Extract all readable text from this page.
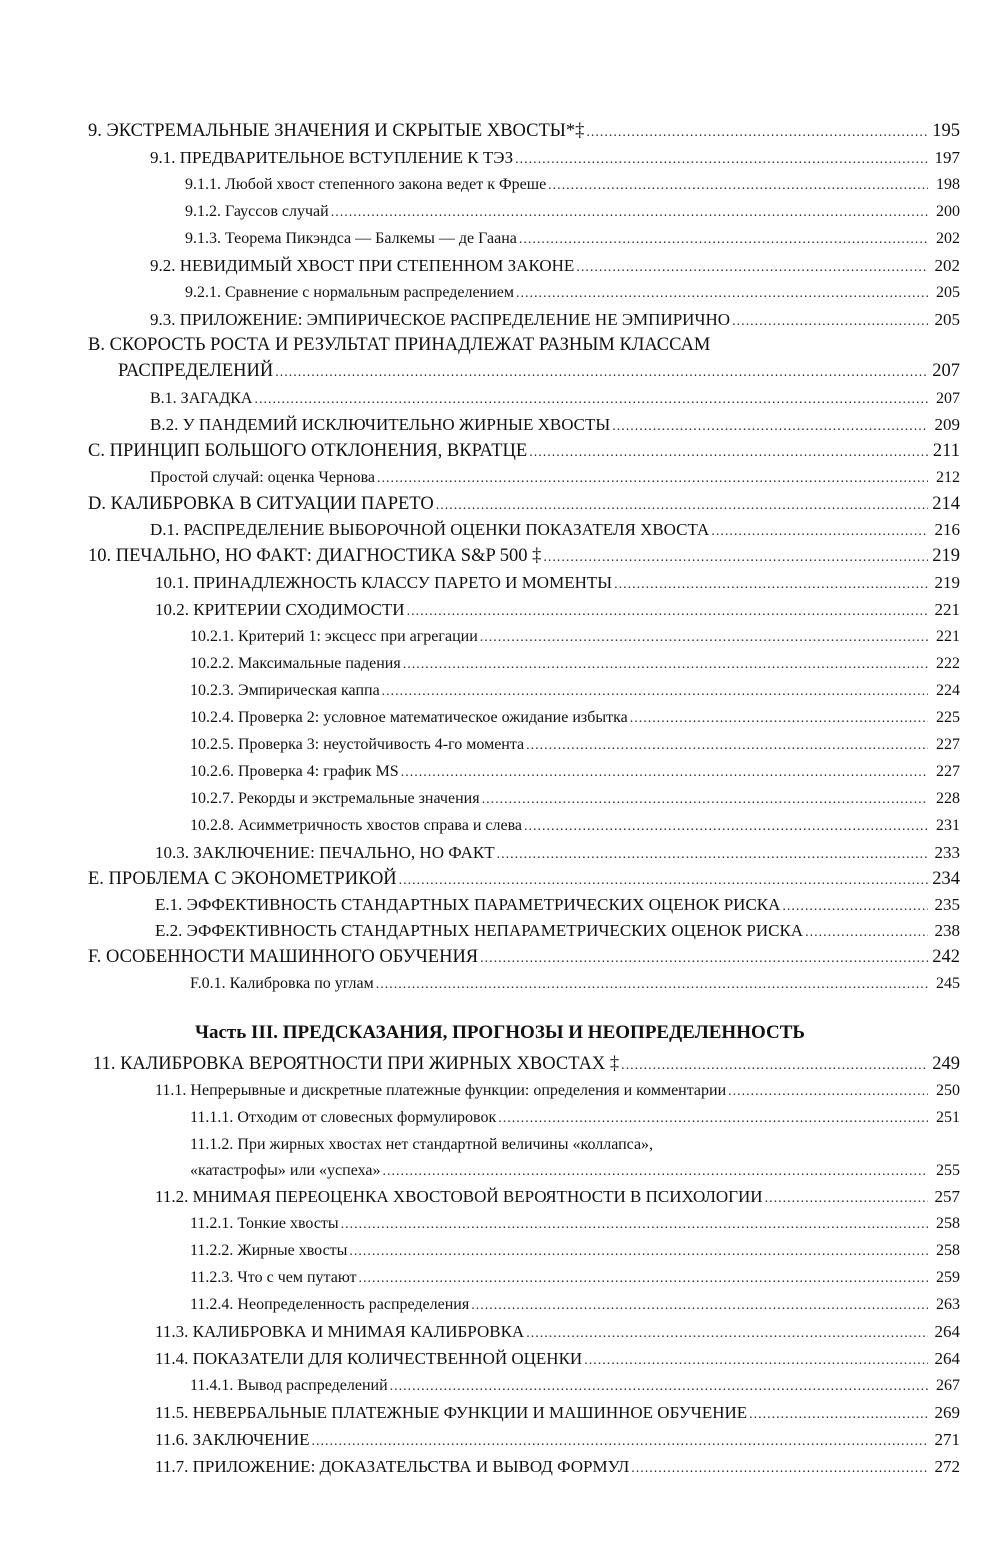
Часть III. ПРЕДСКАЗАНИЯ, ПРОГНОЗЫ И НЕОПРЕДЕЛЕННОСТЬ
9. ЭКСТРЕМАЛЬНЫЕ ЗНАЧЕНИЯ И СКРЫТЫЕ ХВОСТЫ*‡ .....	195
9.1. ПРЕДВАРИТЕЛЬНОЕ ВСТУПЛЕНИЕ К ТЭЗ .....	197
9.1.1. Любой хвост степенного закона ведет к Фреше .....	198
9.1.2. Гауссов случай .....	200
9.1.3. Теорема Пикэндса — Балкемы — де Гаана .....	202
9.2. НЕВИДИМЫЙ ХВОСТ ПРИ СТЕПЕННОМ ЗАКОНЕ .....	202
9.2.1. Сравнение с нормальным распределением .....	205
9.3. ПРИЛОЖЕНИЕ: ЭМПИРИЧЕСКОЕ РАСПРЕДЕЛЕНИЕ НЕ ЭМПИРИЧНО .....	205
B. СКОРОСТЬ РОСТА И РЕЗУЛЬТАТ ПРИНАДЛЕЖАТ РАЗНЫМ КЛАССАМ
РАСПРЕДЕЛЕНИЙ .....	207
B.1. ЗАГАДКА .....	207
B.2. У ПАНДЕМИЙ ИСКЛЮЧИТЕЛЬНО ЖИРНЫЕ ХВОСТЫ .....	209
C. ПРИНЦИП БОЛЬШОГО ОТКЛОНЕНИЯ, ВКРАТЦЕ .....	211
Простой случай: оценка Чернова .....	212
D. КАЛИБРОВКА В СИТУАЦИИ ПАРЕТО .....	214
D.1. РАСПРЕДЕЛЕНИЕ ВЫБОРОЧНОЙ ОЦЕНКИ ПОКАЗАТЕЛЯ ХВОСТА .....	216
10. ПЕЧАЛЬНО, НО ФАКТ: ДИАГНОСТИКА S&P 500 ‡ .....	219
10.1. ПРИНАДЛЕЖНОСТЬ КЛАССУ ПАРЕТО И МОМЕНТЫ .....	219
10.2. КРИТЕРИИ СХОДИМОСТИ .....	221
10.2.1. Критерий 1: эксцесс при агрегации .....	221
10.2.2. Максимальные падения .....	222
10.2.3. Эмпирическая каппа .....	224
10.2.4. Проверка 2: условное математическое ожидание избытка .....	225
10.2.5. Проверка 3: неустойчивость 4-го момента .....	227
10.2.6. Проверка 4: график MS .....	227
10.2.7. Рекорды и экстремальные значения .....	228
10.2.8. Асимметричность хвостов справа и слева .....	231
10.3. ЗАКЛЮЧЕНИЕ: ПЕЧАЛЬНО, НО ФАКТ .....	233
E. ПРОБЛЕМА С ЭКОНОМЕТРИКОЙ .....	234
E.1. ЭФФЕКТИВНОСТЬ СТАНДАРТНЫХ ПАРАМЕТРИЧЕСКИХ ОЦЕНОК РИСКА .....	235
E.2. ЭФФЕКТИВНОСТЬ СТАНДАРТНЫХ НЕПАРАМЕТРИЧЕСКИХ ОЦЕНОК РИСКА .....	238
F. ОСОБЕННОСТИ МАШИННОГО ОБУЧЕНИЯ .....	242
F.0.1. Калибровка по углам .....	245
11. КАЛИБРОВКА ВЕРОЯТНОСТИ ПРИ ЖИРНЫХ ХВОСТАХ ‡ .....	249
11.1. Непрерывные и дискретные платежные функции: определения и комментарии .....	250
11.1.1. Отходим от словесных формулировок .....	251
11.1.2. При жирных хвостах нет стандартной величины «коллапса»,
«катастрофы» или «успеха» .....	255
11.2. МНИМАЯ ПЕРЕОЦЕНКА ХВОСТОВОЙ ВЕРОЯТНОСТИ В ПСИХОЛОГИИ .....	257
11.2.1. Тонкие хвосты .....	258
11.2.2. Жирные хвосты .....	258
11.2.3. Что с чем путают .....	259
11.2.4. Неопределенность распределения .....	263
11.3. КАЛИБРОВКА И МНИМАЯ КАЛИБРОВКА .....	264
11.4. ПОКАЗАТЕЛИ ДЛЯ КОЛИЧЕСТВЕННОЙ ОЦЕНКИ .....	264
11.4.1. Вывод распределений .....	267
11.5. НЕВЕРБАЛЬНЫЕ ПЛАТЕЖНЫЕ ФУНКЦИИ И МАШИННОЕ ОБУЧЕНИЕ .....	269
11.6. ЗАКЛЮЧЕНИЕ .....	271
11.7. ПРИЛОЖЕНИЕ: ДОКАЗАТЕЛЬСТВА И ВЫВОД ФОРМУЛ .....	272
